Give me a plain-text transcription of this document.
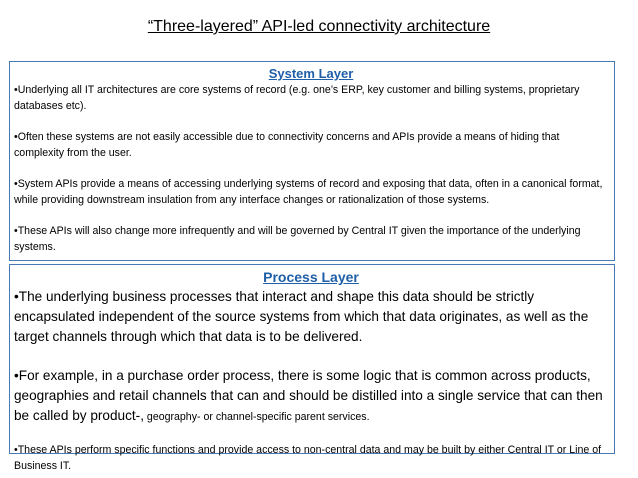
“Three-layered” API-led connectivity architecture
System Layer

•Underlying all IT architectures are core systems of record (e.g. one’s ERP, key customer and billing systems, proprietary databases etc).

•Often these systems are not easily accessible due to connectivity concerns and APIs provide a means of hiding that complexity from the user.

•System APIs provide a means of accessing underlying systems of record and exposing that data, often in a canonical format, while providing downstream insulation from any interface changes or rationalization of those systems.

•These APIs will also change more infrequently and will be governed by Central IT given the importance of the underlying systems.

Process Layer

•The underlying business processes that interact and shape this data should be strictly encapsulated independent of the source systems from which that data originates, as well as the target channels through which that data is to be delivered.

•For example, in a purchase order process, there is some logic that is common across products, geographies and retail channels that can and should be distilled into a single service that can then be called by product-, geography- or channel-specific parent services.

•These APIs perform specific functions and provide access to non-central data and may be built by either Central IT or Line of Business IT.
